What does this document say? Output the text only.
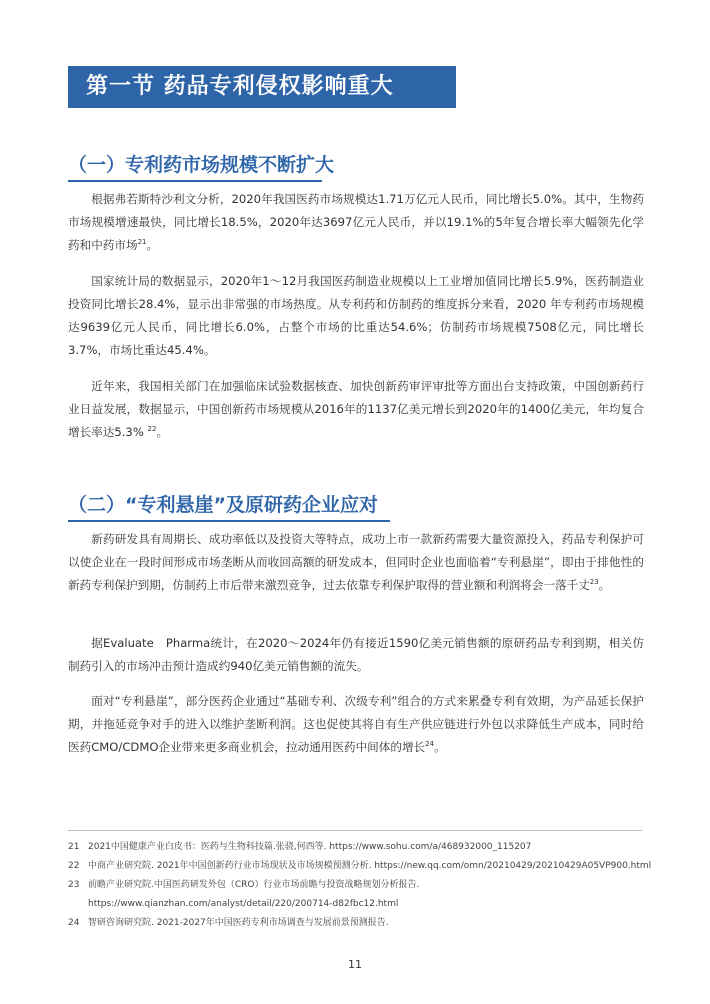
第一节 药品专利侵权影响重大
（一）专利药市场规模不断扩大

根据弗若斯特沙利文分析，2020年我国医药市场规模达1.71万亿元人民币，同比增长5.0%。其中，生物药市场规模增速最快，同比增长18.5%，2020年达3697亿元人民币，并以19.1%的5年复合增长率大幅领先化学药和中药市场$^{21}$。

国家统计局的数据显示，2020年1～12月我国医药制造业规模以上工业增加值同比增长5.9%，医药制造业投资同比增长28.4%，显示出非常强的市场热度。从专利药和仿制药的维度拆分来看，2020 年专利药市场规模达9639亿元人民币，同比增长6.0%，占整个市场的比重达54.6%；仿制药市场规模7508亿元，同比增长 3.7%，市场比重达45.4%。

近年来，我国相关部门在加强临床试验数据核查、加快创新药审评审批等方面出台支持政策，中国创新药行业日益发展，数据显示，中国创新药市场规模从2016年的1137亿美元增长到2020年的1400亿美元，年均复合增长率达5.3% $^{22}$。

（二）“专利悬崖”及原研药企业应对

新药研发具有周期长、成功率低以及投资大等特点，成功上市一款新药需要大量资源投入，药品专利保护可以使企业在一段时间形成市场垄断从而收回高额的研发成本，但同时企业也面临着“专利悬崖”，即由于排他性的新药专利保护到期，仿制药上市后带来激烈竞争，过去依靠专利保护取得的营业额和利润将会一落千丈$^{23}$。

据Evaluate　Pharma统计，在2020～2024年仍有接近1590亿美元销售额的原研药品专利到期，相关仿制药引入的市场冲击预计造成约940亿美元销售额的流失。

面对“专利悬崖”，部分医药企业通过“基础专利、次级专利”组合的方式来累叠专利有效期，为产品延长保护期，并拖延竞争对手的进入以维护垄断利润。这也促使其将自有生产供应链进行外包以求降低生产成本，同时给医药CMO/CDMO企业带来更多商业机会，拉动通用医药中间体的增长$^{24}$。

21 2021中国健康产业白皮书：医药与生物科技篇.张骁,何西等. https://www.sohu.com/a/468932000_115207
22 中商产业研究院. 2021年中国创新药行业市场现状及市场规模预测分析. https://new.qq.com/omn/20210429/20210429A05VP900.html
23 前瞻产业研究院.中国医药研发外包（CRO）行业市场前瞻与投资战略规划分析报告.
https://www.qianzhan.com/analyst/detail/220/200714-d82fbc12.html
24 智研咨询研究院. 2021-2027年中国医药专利市场调查与发展前景预测报告.
11
